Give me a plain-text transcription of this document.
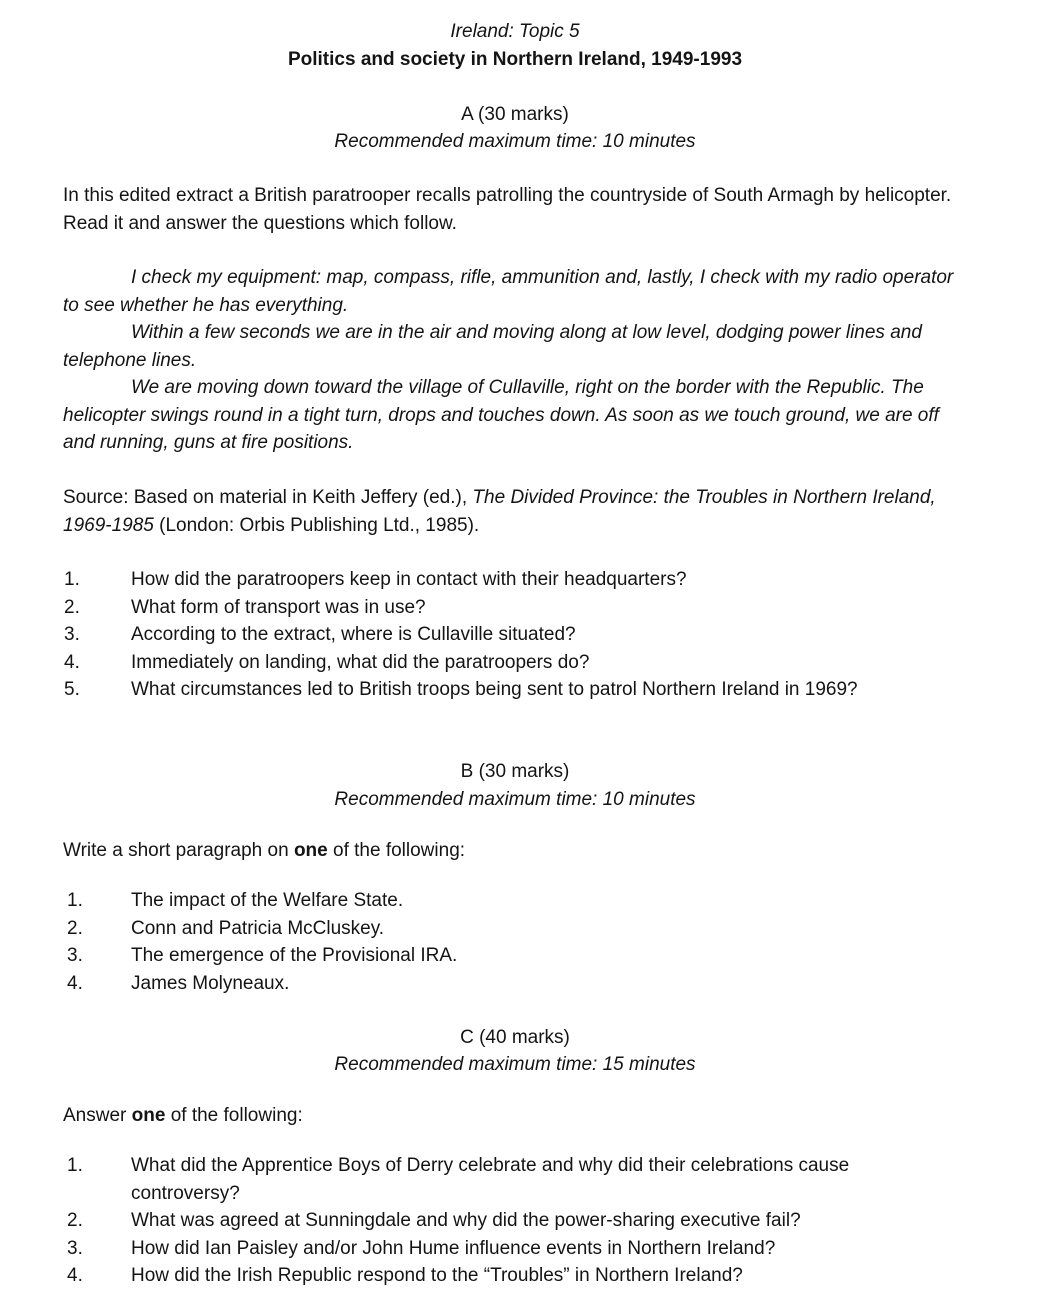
Ireland: Topic 5
Politics and society in Northern Ireland, 1949-1993
A (30 marks)
Recommended maximum time: 10 minutes

In this edited extract a British paratrooper recalls patrolling the countryside of South Armagh by helicopter. Read it and answer the questions which follow.

I check my equipment: map, compass, rifle, ammunition and, lastly, I check with my radio operator to see whether he has everything.

Within a few seconds we are in the air and moving along at low level, dodging power lines and telephone lines.

We are moving down toward the village of Cullaville, right on the border with the Republic. The helicopter swings round in a tight turn, drops and touches down. As soon as we touch ground, we are off and running, guns at fire positions.

Source: Based on material in Keith Jeffery (ed.), The Divided Province: the Troubles in Northern Ireland, 1969-1985 (London: Orbis Publishing Ltd., 1985).

1.	How did the paratroopers keep in contact with their headquarters?
2.	What form of transport was in use?
3.	According to the extract, where is Cullaville situated?
4.	Immediately on landing, what did the paratroopers do?
5.	What circumstances led to British troops being sent to patrol Northern Ireland in 1969?
B (30 marks)
Recommended maximum time: 10 minutes

Write a short paragraph on one of the following:

1.	The impact of the Welfare State.
2.	Conn and Patricia McCluskey.
3.	The emergence of the Provisional IRA.
4.	James Molyneaux.
C (40 marks)
Recommended maximum time: 15 minutes

Answer one of the following:

1.	What did the Apprentice Boys of Derry celebrate and why did their celebrations cause controversy?
2.	What was agreed at Sunningdale and why did the power-sharing executive fail?
3.	How did Ian Paisley and/or John Hume influence events in Northern Ireland?
4.	How did the Irish Republic respond to the “Troubles” in Northern Ireland?
